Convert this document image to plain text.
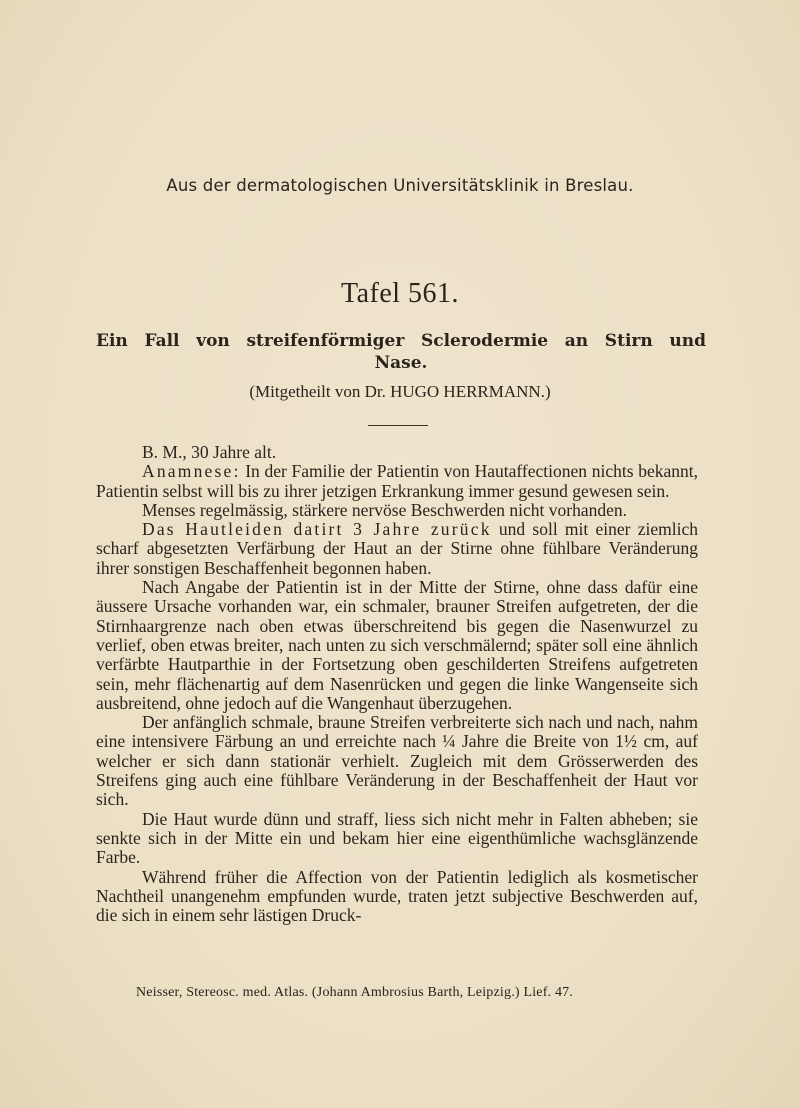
Aus der dermatologischen Universitätsklinik in Breslau.
Tafel 561.
Ein Fall von streifenförmiger Sclerodermie an Stirn und
Nase.
(Mitgetheilt von Dr. HUGO HERRMANN.)

B. M., 30 Jahre alt.

Anamnese: In der Familie der Patientin von Hautaffectionen nichts bekannt, Patientin selbst will bis zu ihrer jetzigen Erkrankung immer gesund gewesen sein.

Menses regelmässig, stärkere nervöse Beschwerden nicht vorhanden.

Das Hautleiden datirt 3 Jahre zurück und soll mit einer ziemlich scharf abgesetzten Verfärbung der Haut an der Stirne ohne fühlbare Veränderung ihrer sonstigen Beschaffenheit begonnen haben.

Nach Angabe der Patientin ist in der Mitte der Stirne, ohne dass dafür eine äussere Ursache vorhanden war, ein schmaler, brauner Streifen aufgetreten, der die Stirnhaargrenze nach oben etwas überschreitend bis gegen die Nasenwurzel zu verlief, oben etwas breiter, nach unten zu sich verschmälernd; später soll eine ähnlich verfärbte Hautparthie in der Fortsetzung oben geschilderten Streifens aufgetreten sein, mehr flächenartig auf dem Nasenrücken und gegen die linke Wangenseite sich ausbreitend, ohne jedoch auf die Wangenhaut überzugehen.

Der anfänglich schmale, braune Streifen verbreiterte sich nach und nach, nahm eine intensivere Färbung an und erreichte nach ¼ Jahre die Breite von 1½ cm, auf welcher er sich dann stationär verhielt. Zugleich mit dem Grösserwerden des Streifens ging auch eine fühlbare Veränderung in der Beschaffenheit der Haut vor sich.

Die Haut wurde dünn und straff, liess sich nicht mehr in Falten abheben; sie senkte sich in der Mitte ein und bekam hier eine eigenthümliche wachsglänzende Farbe.

Während früher die Affection von der Patientin lediglich als kosmetischer Nachtheil unangenehm empfunden wurde, traten jetzt subjective Beschwerden auf, die sich in einem sehr lästigen Druck-

Neisser, Stereosc. med. Atlas. (Johann Ambrosius Barth, Leipzig.) Lief. 47.
